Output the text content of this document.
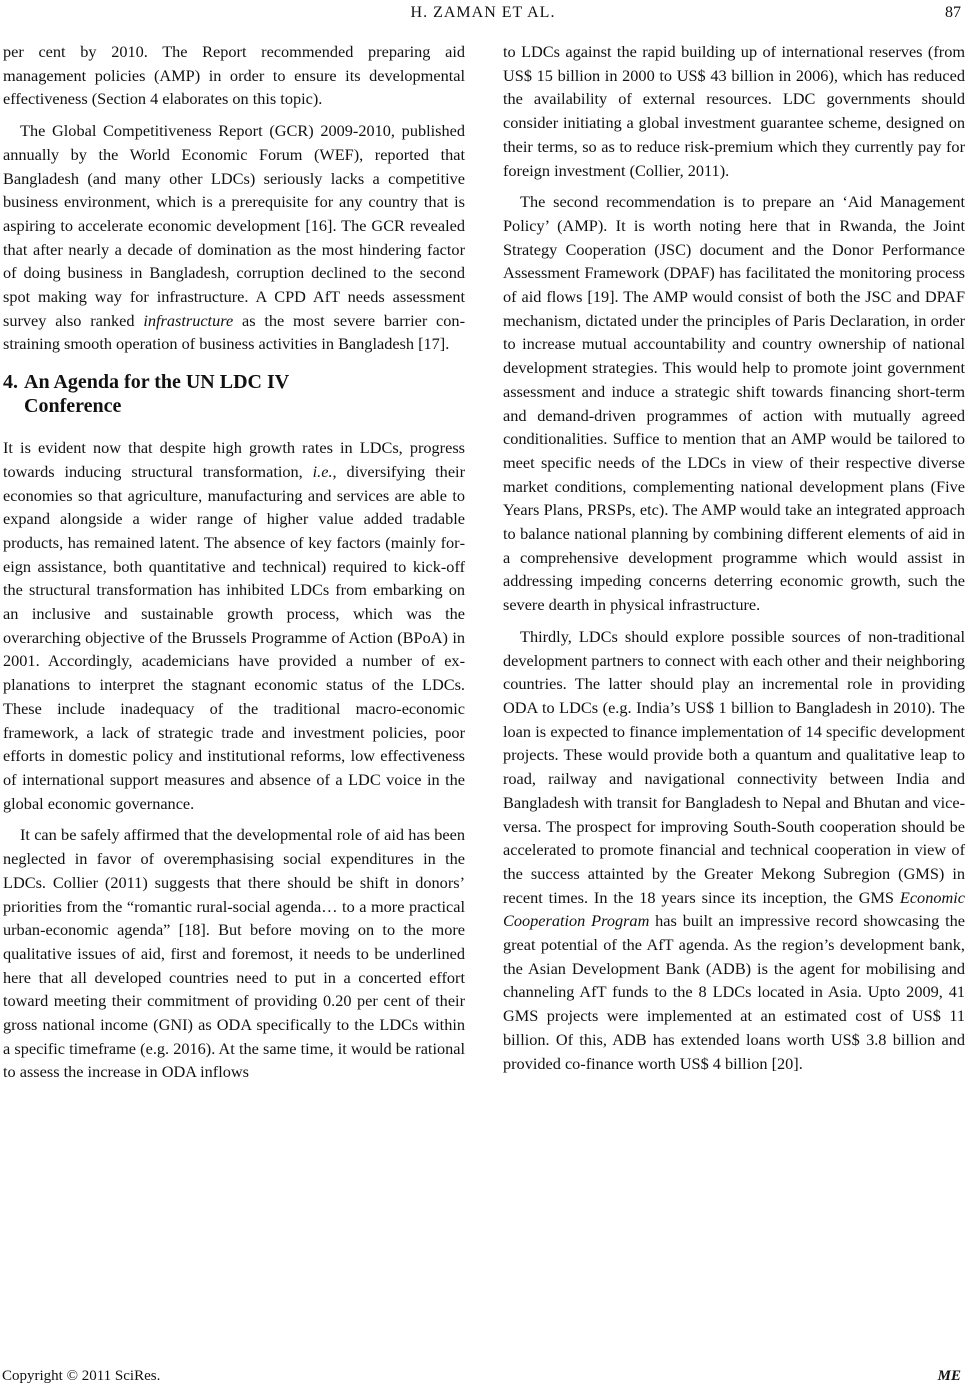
H. ZAMAN ET AL.	87

per cent by 2010. The Report recommended preparing aid management policies (AMP) in order to ensure its developmental effectiveness (Section 4 elaborates on this topic).

The Global Competitiveness Report (GCR) 2009-2010, published annually by the World Economic Forum (WEF), reported that Bangladesh (and many other LDCs) seriously lacks a competitive business environment, which is a prerequisite for any country that is aspiring to accelerate economic development [16]. The GCR revealed that after nearly a decade of domination as the most hindering factor of doing business in Bangladesh, corruption declined to the second spot making way for infrastructure. A CPD AfT needs assessment survey also ranked infrastructure as the most severe barrier constraining smooth operation of business activities in Bangladesh [17].

4. An Agenda for the UN LDC IV
Conference

It is evident now that despite high growth rates in LDCs, progress towards inducing structural transformation, i.e., diversifying their economies so that agriculture, manufacturing and services are able to expand alongside a wider range of higher value added tradable products, has remained latent. The absence of key factors (mainly foreign assistance, both quantitative and technical) required to kick-off the structural transformation has inhibited LDCs from embarking on an inclusive and sustainable growth process, which was the overarching objective of the Brussels Programme of Action (BPoA) in 2001. Accordingly, academicians have provided a number of explanations to interpret the stagnant economic status of the LDCs. These include inadequacy of the traditional macro-economic framework, a lack of strategic trade and investment policies, poor efforts in domestic policy and institutional reforms, low effectiveness of international support measures and absence of a LDC voice in the global economic governance.

It can be safely affirmed that the developmental role of aid has been neglected in favor of overemphasising social expenditures in the LDCs. Collier (2011) suggests that there should be shift in donors’ priorities from the “romantic rural-social agenda… to a more practical urban-economic agenda” [18]. But before moving on to the more qualitative issues of aid, first and foremost, it needs to be underlined here that all developed countries need to put in a concerted effort toward meeting their commitment of providing 0.20 per cent of their gross national income (GNI) as ODA specifically to the LDCs within a specific timeframe (e.g. 2016). At the same time, it would be rational to assess the increase in ODA inflows

to LDCs against the rapid building up of international reserves (from US$ 15 billion in 2000 to US$ 43 billion in 2006), which has reduced the availability of external resources. LDC governments should consider initiating a global investment guarantee scheme, designed on their terms, so as to reduce risk-premium which they currently pay for foreign investment (Collier, 2011).

The second recommendation is to prepare an ‘Aid Management Policy’ (AMP). It is worth noting here that in Rwanda, the Joint Strategy Cooperation (JSC) document and the Donor Performance Assessment Framework (DPAF) has facilitated the monitoring process of aid flows [19]. The AMP would consist of both the JSC and DPAF mechanism, dictated under the principles of Paris Declaration, in order to increase mutual accountability and country ownership of national development strategies. This would help to promote joint government assessment and induce a strategic shift towards financing short-term and demand-driven programmes of action with mutually agreed conditionalities. Suffice to mention that an AMP would be tailored to meet specific needs of the LDCs in view of their respective diverse market conditions, complementing national development plans (Five Years Plans, PRSPs, etc). The AMP would take an integrated approach to balance national planning by combining different elements of aid in a comprehensive development programme which would assist in addressing impeding concerns deterring economic growth, such the severe dearth in physical infrastructure.

Thirdly, LDCs should explore possible sources of non-traditional development partners to connect with each other and their neighboring countries. The latter should play an incremental role in providing ODA to LDCs (e.g. India’s US$ 1 billion to Bangladesh in 2010). The loan is expected to finance implementation of 14 specific development projects. These would provide both a quantum and qualitative leap to road, railway and navigational connectivity between India and Bangladesh with transit for Bangladesh to Nepal and Bhutan and vice-versa. The prospect for improving South-South cooperation should be accelerated to promote financial and technical cooperation in view of the success attainted by the Greater Mekong Subregion (GMS) in recent times. In the 18 years since its inception, the GMS Economic Cooperation Program has built an impressive record showcasing the great potential of the AfT agenda. As the region’s development bank, the Asian Development Bank (ADB) is the agent for mobilising and channeling AfT funds to the 8 LDCs located in Asia. Upto 2009, 41 GMS projects were implemented at an estimated cost of US$ 11 billion. Of this, ADB has extended loans worth US$ 3.8 billion and provided co-finance worth US$ 4 billion [20].

Copyright © 2011 SciRes.	ME
